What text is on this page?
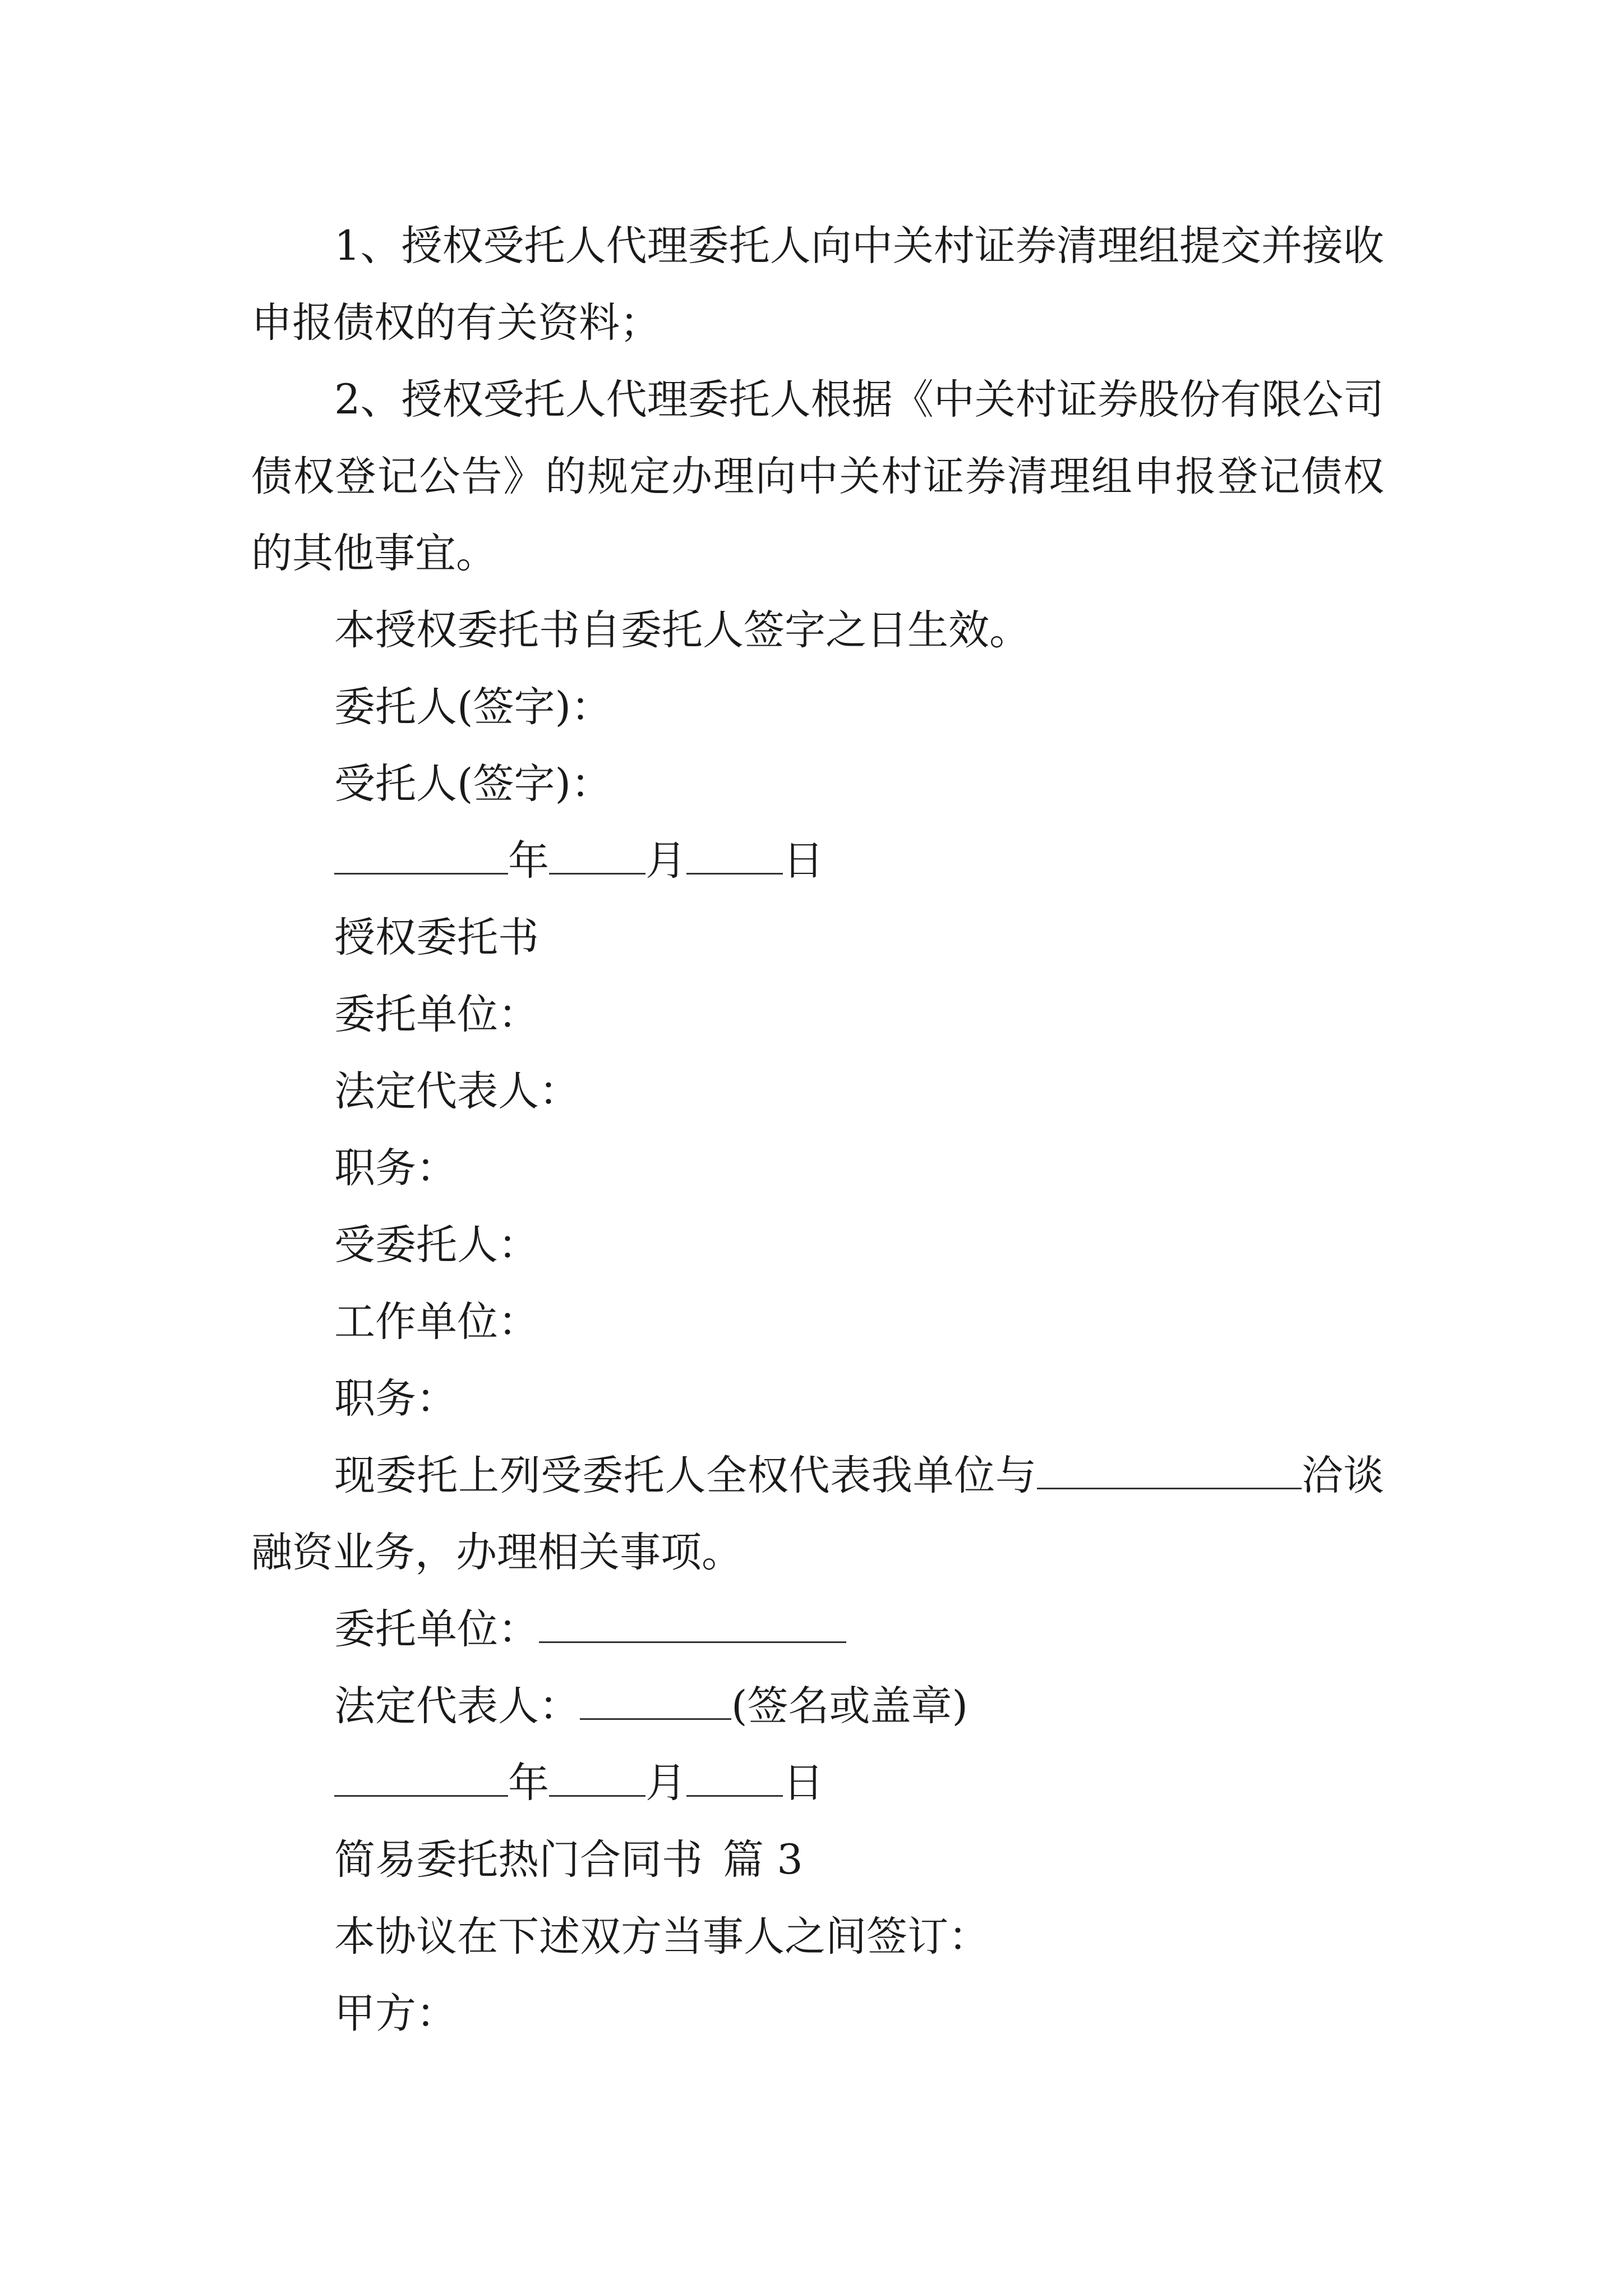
1、授权受托人代理委托人向中关村证券清理组提交并接收申报债权的有关资料；

2、授权受托人代理委托人根据《中关村证券股份有限公司债权登记公告》的规定办理向中关村证券清理组申报登记债权的其他事宜。

本授权委托书自委托人签字之日生效。

委托人(签字)：

受托人(签字)：

年 月 日

授权委托书

委托单位：

法定代表人：

职务：

受委托人：

工作单位：

职务：

现委托上列受委托人全权代表我单位与	洽谈融资业务，办理相关事项。

委托单位：

法定代表人：	(签名或盖章)

年 月 日

简易委托热门合同书 篇 3

本协议在下述双方当事人之间签订：

甲方：
